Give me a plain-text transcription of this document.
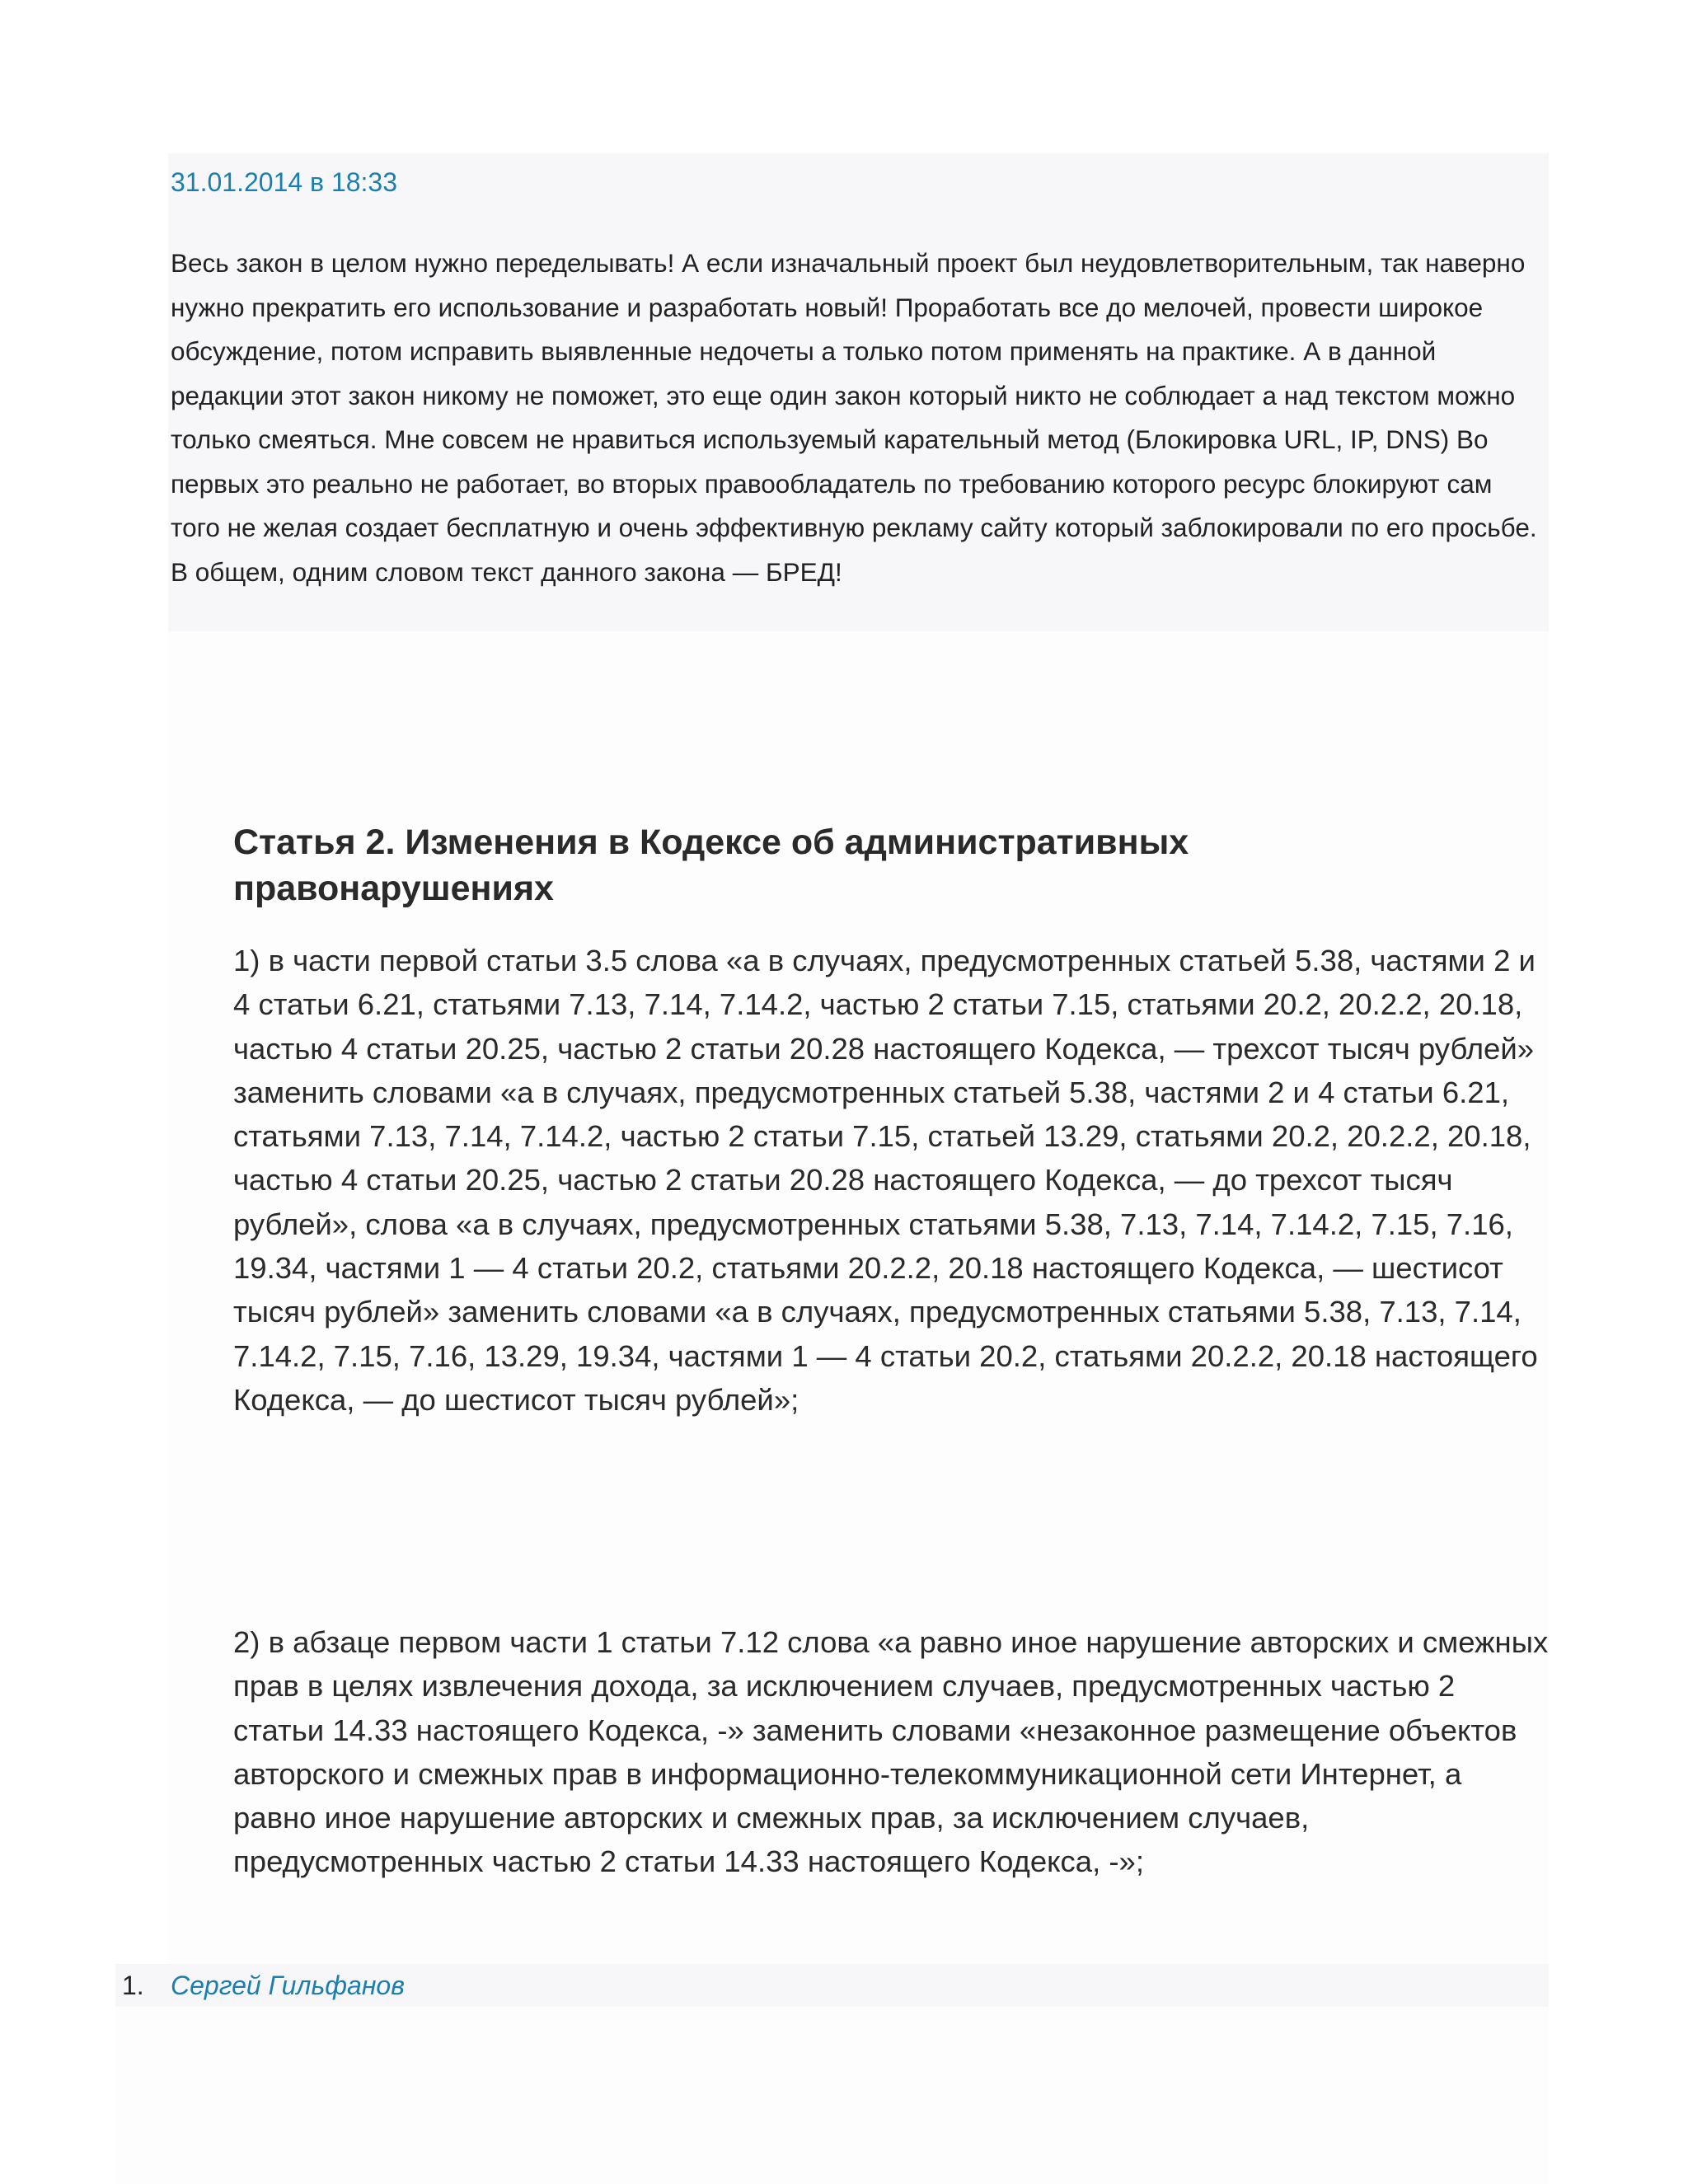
31.01.2014 в 18:33

Весь закон в целом нужно переделывать! А если изначальный проект был неудовлетворительным, так наверно нужно прекратить его использование и разработать новый! Проработать все до мелочей, провести широкое обсуждение, потом исправить выявленные недочеты а только потом применять на практике. А в данной редакции этот закон никому не поможет, это еще один закон который никто не соблюдает а над текстом можно только смеяться. Мне совсем не нравиться используемый карательный метод (Блокировка URL, IP, DNS) Во первых это реально не работает, во вторых правообладатель по требованию которого ресурс блокируют сам того не желая создает бесплатную и очень эффективную рекламу сайту который заблокировали по его просьбе. В общем, одним словом текст данного закона — БРЕД!

Статья 2. Изменения в Кодексе об административных правонарушениях

1) в части первой статьи 3.5 слова «а в случаях, предусмотренных статьей 5.38, частями 2 и 4 статьи 6.21, статьями 7.13, 7.14, 7.14.2, частью 2 статьи 7.15, статьями 20.2, 20.2.2, 20.18, частью 4 статьи 20.25, частью 2 статьи 20.28 настоящего Кодекса, — трехсот тысяч рублей» заменить словами «а в случаях, предусмотренных статьей 5.38, частями 2 и 4 статьи 6.21, статьями 7.13, 7.14, 7.14.2, частью 2 статьи 7.15, статьей 13.29, статьями 20.2, 20.2.2, 20.18, частью 4 статьи 20.25, частью 2 статьи 20.28 настоящего Кодекса, — до трехсот тысяч рублей», слова «а в случаях, предусмотренных статьями 5.38, 7.13, 7.14, 7.14.2, 7.15, 7.16, 19.34, частями 1 — 4 статьи 20.2, статьями 20.2.2, 20.18 настоящего Кодекса, — шестисот тысяч рублей» заменить словами «а в случаях, предусмотренных статьями 5.38, 7.13, 7.14, 7.14.2, 7.15, 7.16, 13.29, 19.34, частями 1 — 4 статьи 20.2, статьями 20.2.2, 20.18 настоящего Кодекса, — до шестисот тысяч рублей»;

2) в абзаце первом части 1 статьи 7.12 слова «а равно иное нарушение авторских и смежных прав в целях извлечения дохода, за исключением случаев, предусмотренных частью 2 статьи 14.33 настоящего Кодекса, -» заменить словами «незаконное размещение объектов авторского и смежных прав в информационно-телекоммуникационной сети Интернет, а равно иное нарушение авторских и смежных прав, за исключением случаев, предусмотренных частью 2 статьи 14.33 настоящего Кодекса, -»;

1. Сергей Гильфанов
